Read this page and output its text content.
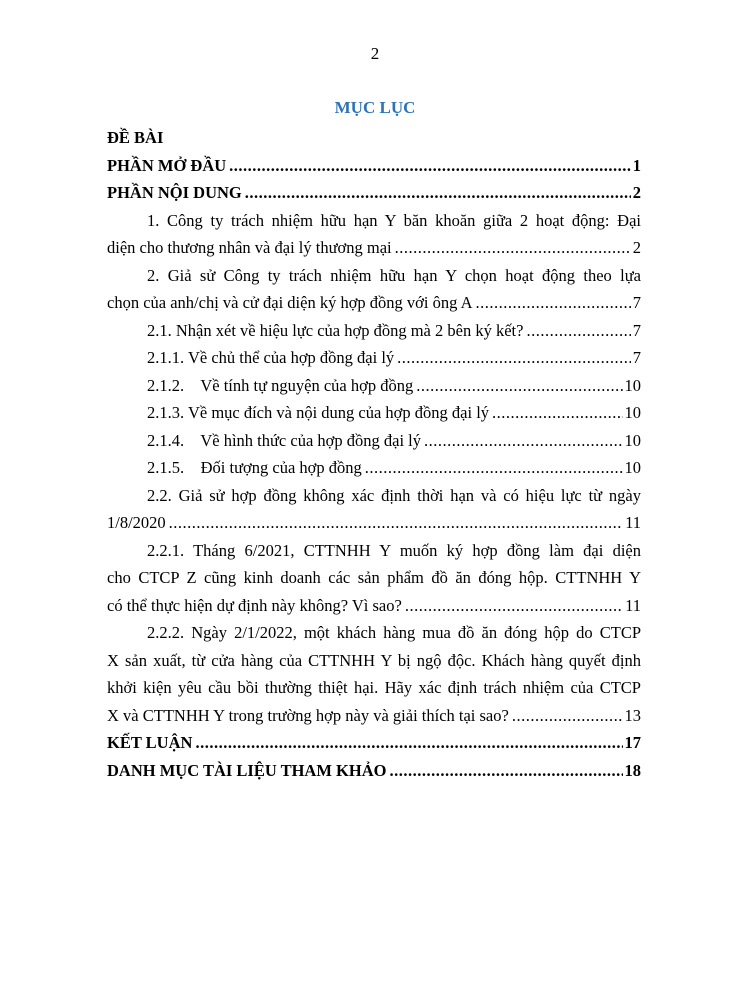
2
MỤC LỤC
ĐỀ BÀI
PHẦN MỞ ĐẦU .....	1
PHẦN NỘI DUNG .....	2
1. Công ty trách nhiệm hữu hạn Y băn khoăn giữa 2 hoạt động: Đại
diện cho thương nhân và đại lý thương mại .....	2
2. Giả sử Công ty trách nhiệm hữu hạn Y chọn hoạt động theo lựa
chọn của anh/chị và cử đại diện ký hợp đồng với ông A .....	7
2.1. Nhận xét về hiệu lực của hợp đồng mà 2 bên ký kết? .....	7
2.1.1. Về chủ thể của hợp đồng đại lý .....	7
2.1.2.    Về tính tự nguyện của hợp đồng .....	10
2.1.3. Về mục đích và nội dung của hợp đồng đại lý .....	10
2.1.4.    Về hình thức của hợp đồng đại lý .....	10
2.1.5.    Đối tượng của hợp đồng .....	10
2.2. Giả sử hợp đồng không xác định thời hạn và có hiệu lực từ ngày
1/8/2020 .....	11
2.2.1. Tháng 6/2021, CTTNHH Y muốn ký hợp đồng làm đại diện
cho CTCP Z cũng kinh doanh các sản phẩm đồ ăn đóng hộp. CTTNHH Y
có thể thực hiện dự định này không? Vì sao? .....	11
2.2.2. Ngày 2/1/2022, một khách hàng mua đồ ăn đóng hộp do CTCP
X sản xuất, từ cửa hàng của CTTNHH Y bị ngộ độc. Khách hàng quyết định
khởi kiện yêu cầu bồi thường thiệt hại. Hãy xác định trách nhiệm của CTCP
X và CTTNHH Y trong trường hợp này và giải thích tại sao? .....	13
KẾT LUẬN .....	17
DANH MỤC TÀI LIỆU THAM KHẢO .....	18
